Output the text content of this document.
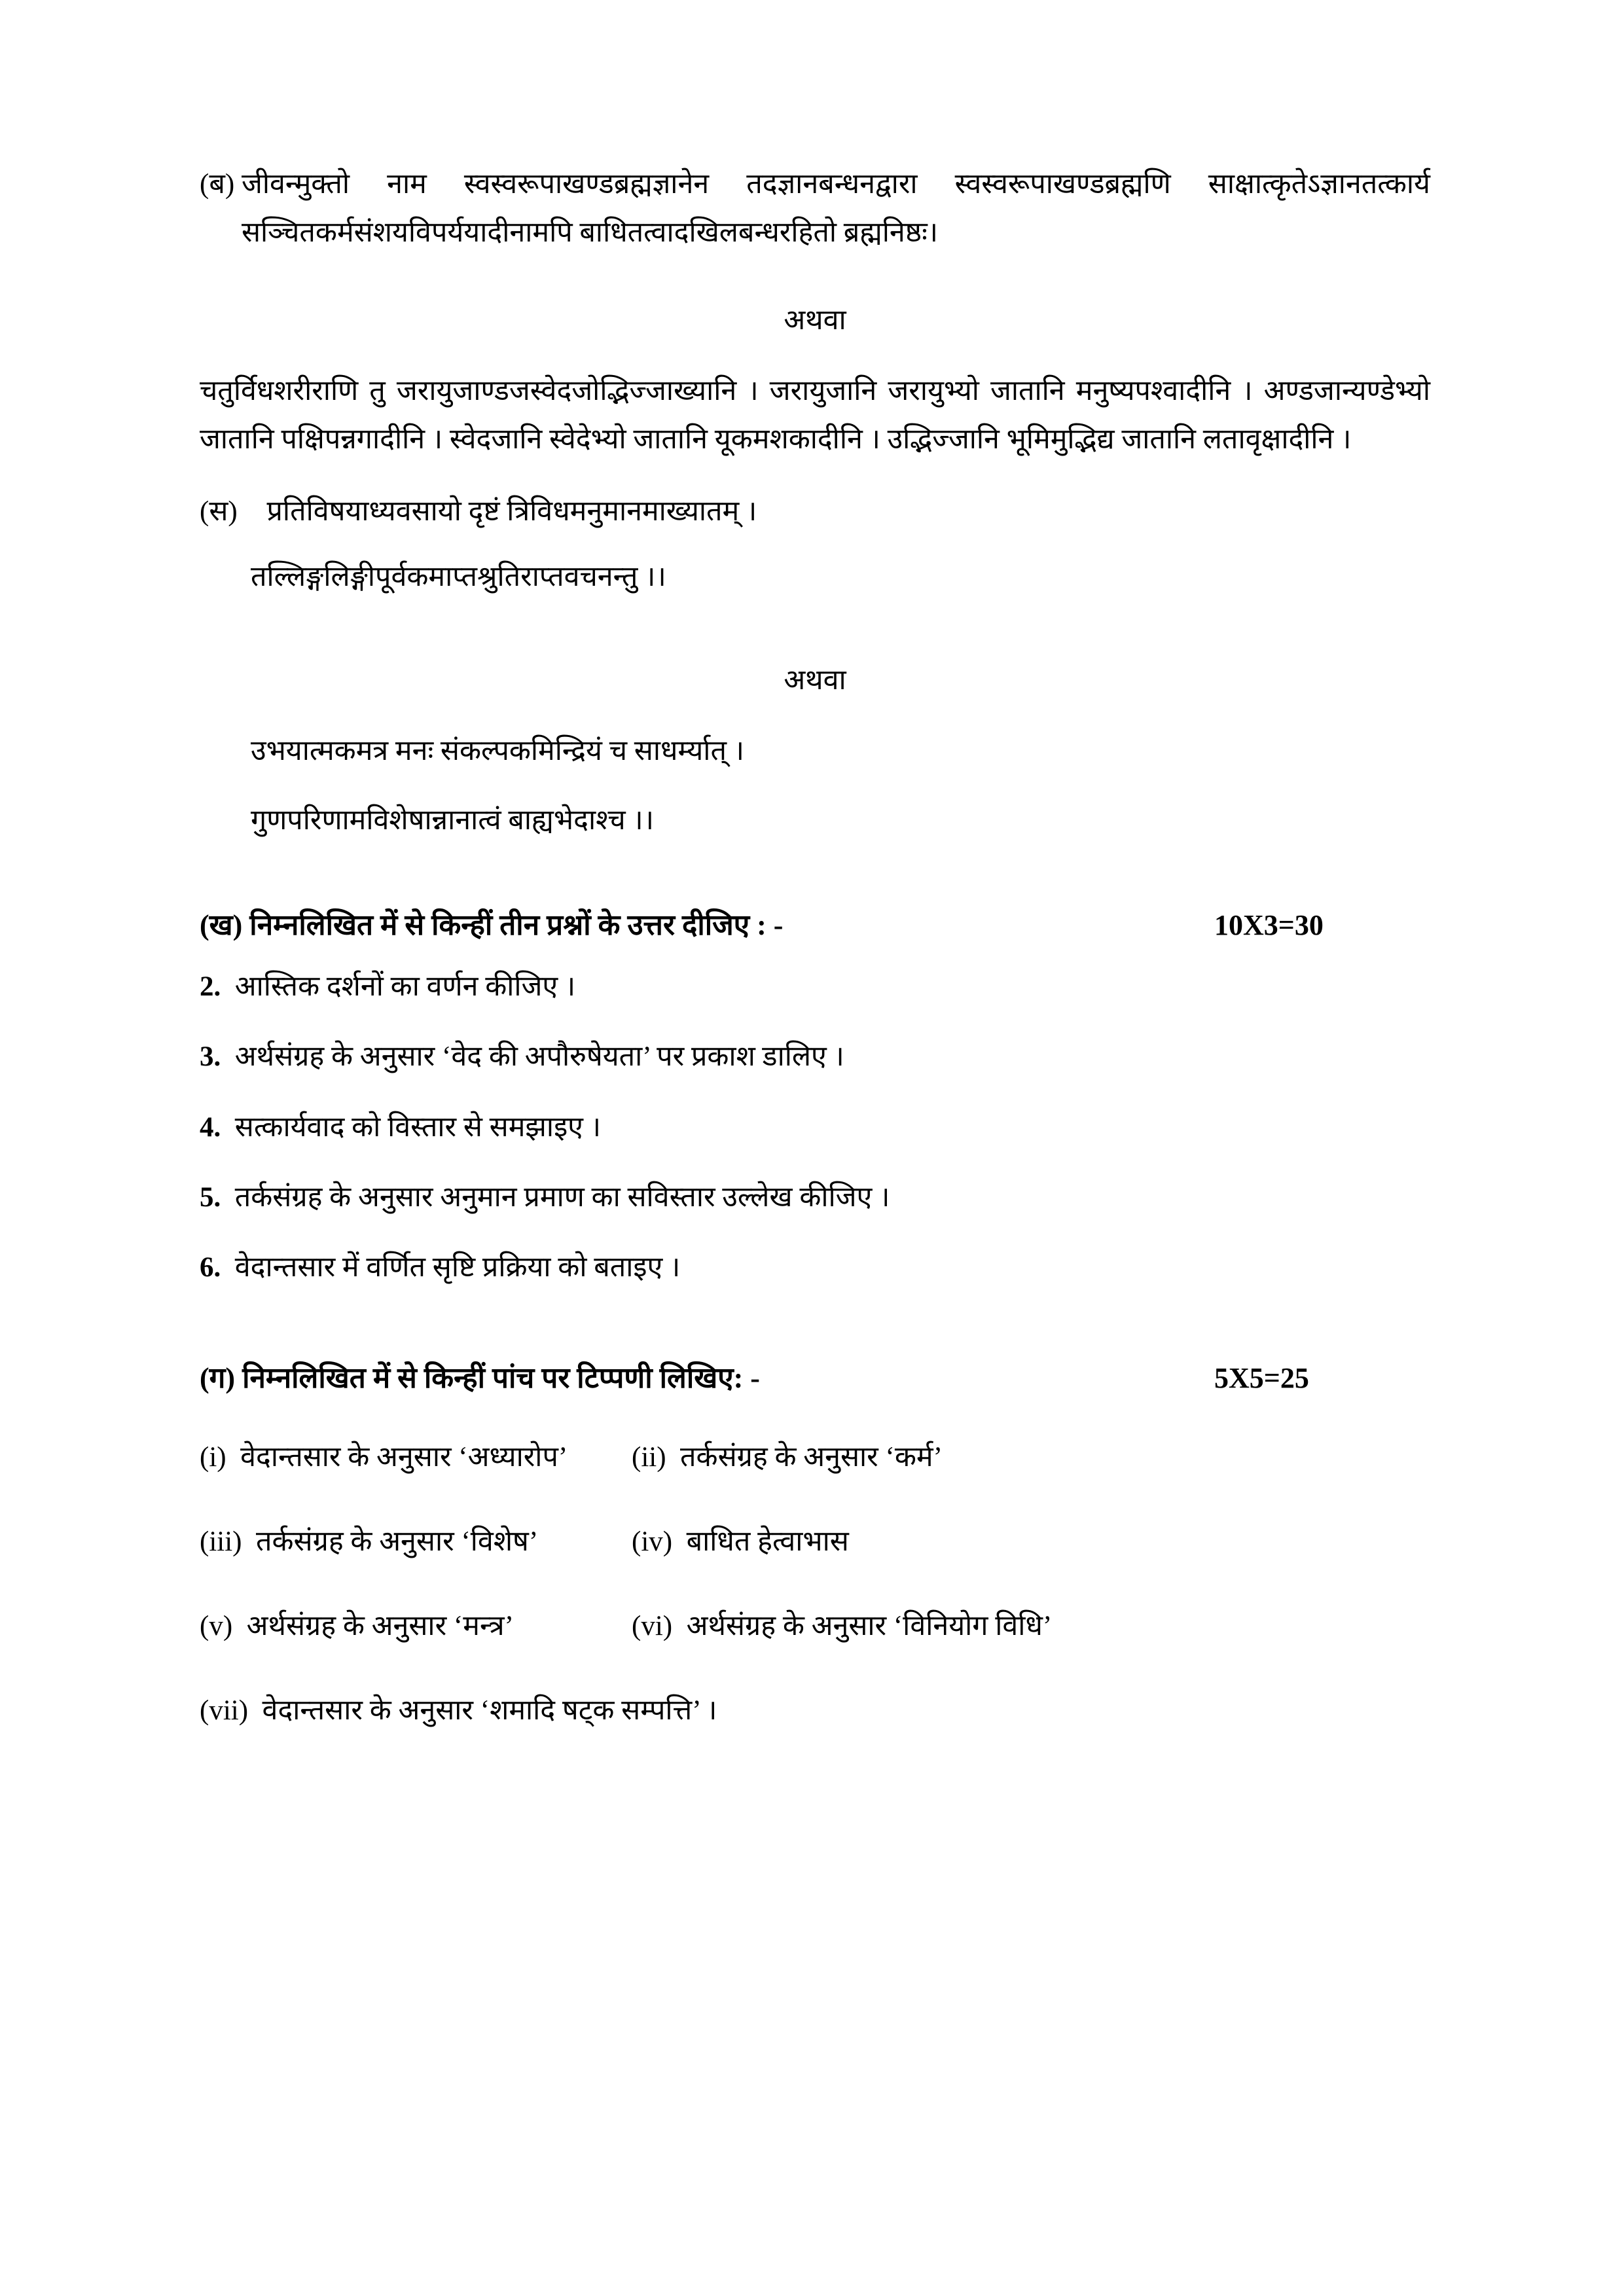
(ब) जीवन्मुक्तो नाम स्वस्वरूपाखण्डब्रह्मज्ञानेन तदज्ञानबन्धनद्वारा स्वस्वरूपाखण्डब्रह्मणि साक्षात्कृतेऽज्ञानतत्कार्य सञ्चितकर्मसंशयविपर्ययादीनामपि बाधितत्वादखिलबन्धरहितो ब्रह्मनिष्ठः।
अथवा

चतुर्विधशरीराणि तु जरायुजाण्डजस्वेदजोद्भिज्जाख्यानि । जरायुजानि जरायुभ्यो जातानि मनुष्यपश्वादीनि । अण्डजान्यण्डेभ्यो जातानि पक्षिपन्नगादीनि । स्वेदजानि स्वेदेभ्यो जातानि यूकमशकादीनि । उद्भिज्जानि भूमिमुद्भिद्य जातानि लतावृक्षादीनि ।

(स) प्रतिविषयाध्यवसायो दृष्टं त्रिविधमनुमानमाख्यातम् ।
तल्लिङ्गलिङ्गीपूर्वकमाप्तश्रुतिराप्तवचनन्तु ।।
अथवा
उभयात्मकमत्र मनः संकल्पकमिन्द्रियं च साधर्म्यात् ।
गुणपरिणामविशेषान्नानात्वं बाह्यभेदाश्च ।।
(ख) निम्नलिखित में से किन्हीं तीन प्रश्नों के उत्तर दीजिए : -	10X3=30
2.  आस्तिक दर्शनों का वर्णन कीजिए ।
3.  अर्थसंग्रह के अनुसार ‘वेद की अपौरुषेयता’ पर प्रकाश डालिए ।
4.  सत्कार्यवाद को विस्तार से समझाइए ।
5.  तर्कसंग्रह के अनुसार अनुमान प्रमाण का सविस्तार उल्लेख कीजिए ।
6.  वेदान्तसार में वर्णित सृष्टि प्रक्रिया को बताइए ।
(ग) निम्नलिखित में से किन्हीं पांच पर टिप्पणी लिखिए: -	5X5=25
(i)  वेदान्तसार के अनुसार ‘अध्यारोप’	(ii)  तर्कसंग्रह के अनुसार ‘कर्म’
(iii)  तर्कसंग्रह के अनुसार ‘विशेष’	(iv)  बाधित हेत्वाभास
(v)  अर्थसंग्रह के अनुसार ‘मन्त्र’	(vi)  अर्थसंग्रह के अनुसार ‘विनियोग विधि’
(vii)  वेदान्तसार के अनुसार ‘शमादि षट्क सम्पत्ति’ ।
